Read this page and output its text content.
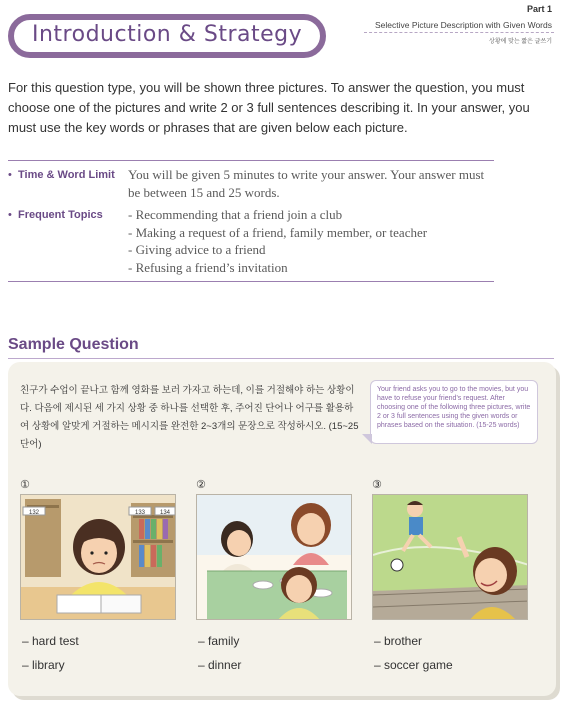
Introduction & Strategy
Part 1
Selective Picture Description with Given Words
상황에 맞는 짧은 글쓰기
For this question type, you will be shown three pictures. To answer the question, you must choose one of the pictures and write 2 or 3 full sentences describing it. In your answer, you must use the key words or phrases that are given below each picture.
• Time & Word Limit You will be given 5 minutes to write your answer. Your answer must be between 15 and 25 words.
• Frequent Topics - Recommending that a friend join a club
- Making a request of a friend, family member, or teacher
- Giving advice to a friend
- Refusing a friend’s invitation
Sample Question
친구가 수업이 끝나고 함께 영화를 보러 가자고 하는데, 이를 거절해야 하는 상황이다. 다음에 제시된 세 가지 상황 중 하나를 선택한 후, 주어진 단어나 어구를 활용하여 상황에 알맞게 거절하는 메시지를 완전한 2~3개의 문장으로 작성하시오. (15~25단어)
Your friend asks you to go to the movies, but you have to refuse your friend’s request. After choosing one of the following three pictures, write 2 or 3 full sentences using the given words or phrases based on the situation. (15-25 words)
①
132	133 134
– hard test
– library
②
– family
– dinner
③
– brother
– soccer game
